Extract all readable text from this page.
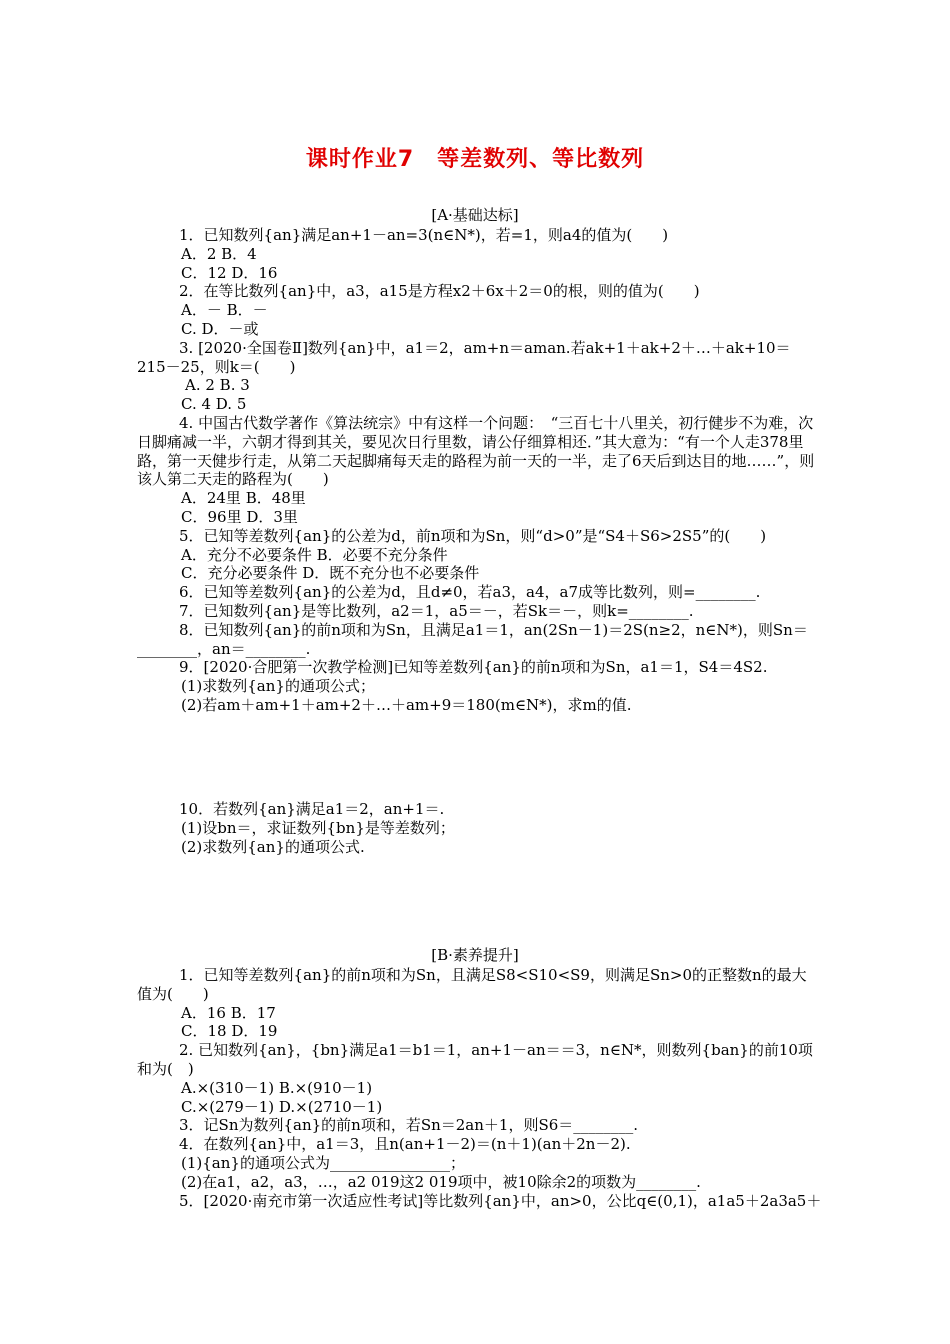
课时作业7　等差数列、等比数列
[A·基础达标]

1．已知数列{an}满足an+1－an=3(n∈N*)，若=1，则a4的值为(　　)

A．2 B．4

C．12 D．16

2．在等比数列{an}中，a3，a15是方程x2＋6x＋2＝0的根，则的值为(　　)

A．－ B．－

C. D．－或

3. [2020·全国卷Ⅱ]数列{an}中，a1＝2，am+n＝aman.若ak+1＋ak+2＋…＋ak+10＝215－25，则k＝(　　)

A. 2 B. 3

C. 4 D. 5

4. 中国古代数学著作《算法统宗》中有这样一个问题：　“三百七十八里关，初行健步不为难，次日脚痛减一半，六朝才得到其关，要见次日行里数，请公仔细算相还．”其大意为：“有一个人走378里路，第一天健步行走，从第二天起脚痛每天走的路程为前一天的一半，走了6天后到达目的地……”，则该人第二天走的路程为(　　)

A．24里 B．48里

C．96里 D．3里

5．已知等差数列{an}的公差为d，前n项和为Sn，则“d>0”是“S4＋S6>2S5”的(　　)

A．充分不必要条件 B．必要不充分条件

C．充分必要条件 D．既不充分也不必要条件

6．已知等差数列{an}的公差为d，且d≠0，若a3，a4，a7成等比数列，则=________.

7．已知数列{an}是等比数列，a2＝1，a5＝－，若Sk＝－，则k=________.

8．已知数列{an}的前n项和为Sn，且满足a1＝1，an(2Sn－1)＝2S(n≥2，n∈N*)，则Sn＝________，an＝________.

9．[2020·合肥第一次教学检测]已知等差数列{an}的前n项和为Sn，a1＝1，S4＝4S2.

(1)求数列{an}的通项公式；

(2)若am＋am+1＋am+2＋…＋am+9＝180(m∈N*)，求m的值.

10．若数列{an}满足a1＝2，an+1＝.

(1)设bn＝，求证数列{bn}是等差数列；

(2)求数列{an}的通项公式.

[B·素养提升]

1．已知等差数列{an}的前n项和为Sn，且满足S8<S10<S9，则满足Sn>0的正整数n的最大值为(　　)

A．16 B．17

C．18 D．19

2. 已知数列{an}，{bn}满足a1＝b1＝1，an+1－an＝＝3，n∈N*，则数列{ban}的前10项和为(　)

A.×(310－1) B.×(910－1)

C.×(279－1) D.×(2710－1)

3．记Sn为数列{an}的前n项和，若Sn＝2an＋1，则S6＝________.

4．在数列{an}中，a1＝3，且n(an+1－2)＝(n＋1)(an＋2n－2).

(1){an}的通项公式为________________；

(2)在a1，a2，a3，…，a2 019这2 019项中，被10除余2的项数为________.

5．[2020·南充市第一次适应性考试]等比数列{an}中，an>0，公比q∈(0,1)，a1a5＋2a3a5＋
